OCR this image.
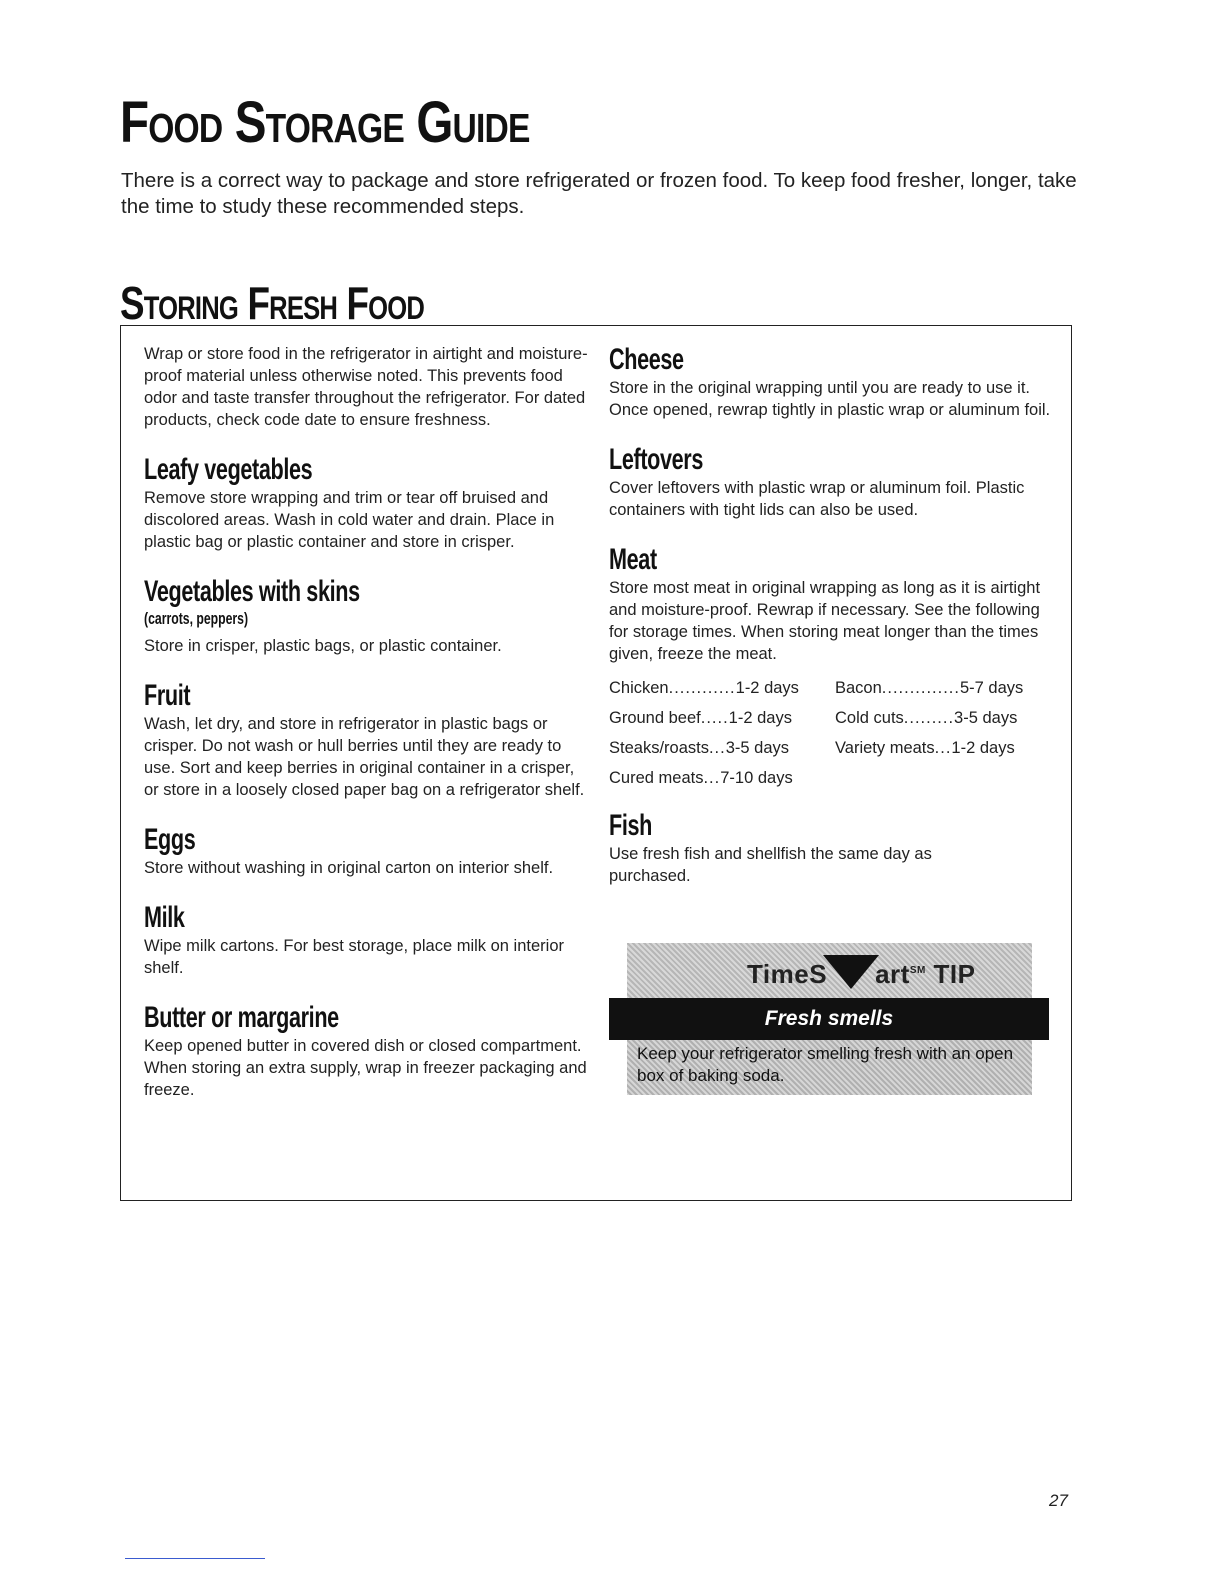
Food Storage Guide

There is a correct way to package and store refrigerated or frozen food. To keep food fresher, longer, take the time to study these recommended steps.

Storing Fresh Food

Wrap or store food in the refrigerator in airtight and moisture-proof material unless otherwise noted. This prevents food odor and taste transfer throughout the refrigerator. For dated products, check code date to ensure freshness.

Leafy vegetables

Remove store wrapping and trim or tear off bruised and discolored areas. Wash in cold water and drain. Place in plastic bag or plastic container and store in crisper.

Vegetables with skins
(carrots, peppers)

Store in crisper, plastic bags, or plastic container.

Fruit

Wash, let dry, and store in refrigerator in plastic bags or crisper. Do not wash or hull berries until they are ready to use. Sort and keep berries in original container in a crisper, or store in a loosely closed paper bag on a refrigerator shelf.

Eggs

Store without washing in original carton on interior shelf.

Milk

Wipe milk cartons. For best storage, place milk on interior shelf.

Butter or margarine

Keep opened butter in covered dish or closed compartment. When storing an extra supply, wrap in freezer packaging and freeze.

Cheese

Store in the original wrapping until you are ready to use it. Once opened, rewrap tightly in plastic wrap or aluminum foil.

Leftovers

Cover leftovers with plastic wrap or aluminum foil. Plastic containers with tight lids can also be used.

Meat

Store most meat in original wrapping as long as it is airtight and moisture-proof. Rewrap if necessary. See the following for storage times. When storing meat longer than the times given, freeze the meat.

Chicken ............ 1-2 days Bacon .............. 5-7 days
Ground beef ..... 1-2 days	Cold cuts ......... 3-5 days
Steaks/roasts ... 3-5 days	Variety meats ... 1-2 days
Cured meats ... 7-10 days
Fish

Use fresh fish and shellfish the same day as purchased.

TimeS art℠ TIP
Fresh smells
Keep your refrigerator smelling fresh with an open box of baking soda.

27
